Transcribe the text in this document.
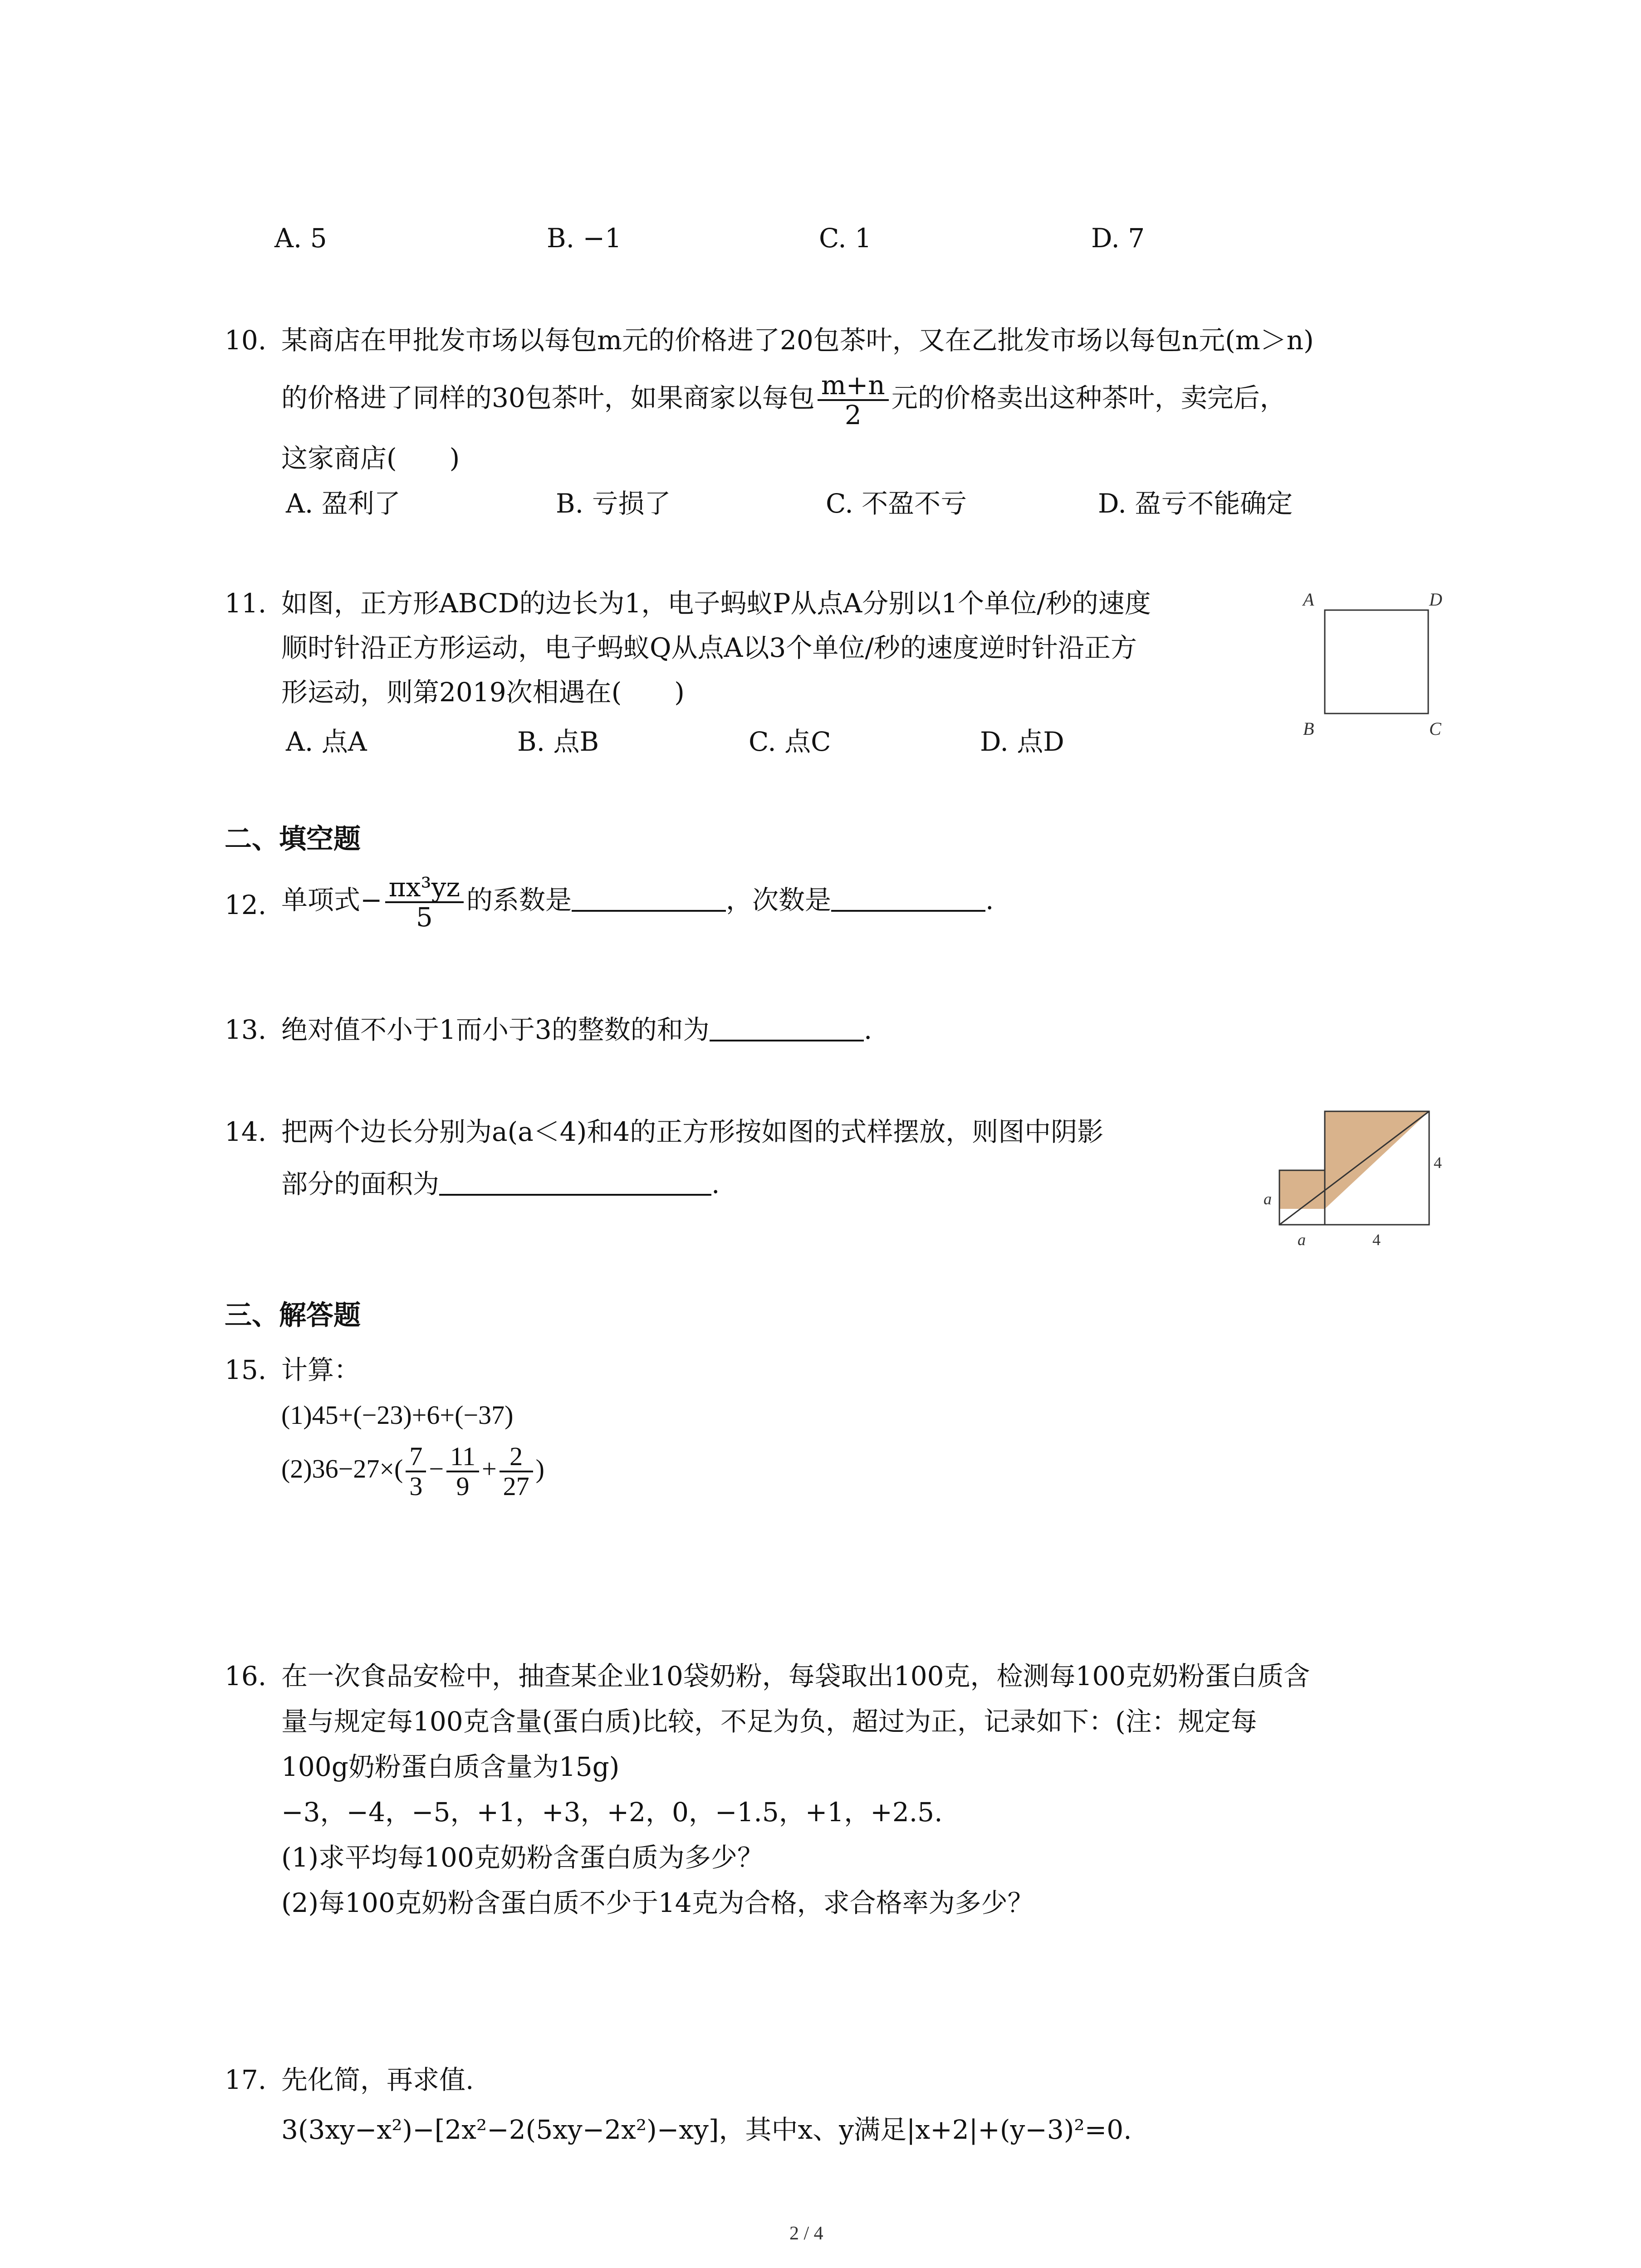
A. 5	B. −1	C. 1	D. 7
10. 某商店在甲批发市场以每包m元的价格进了20包茶叶，又在乙批发市场以每包n元(m＞n)
的价格进了同样的30包茶叶，如果商家以每包 $\frac{m+n}{2}$ 元的价格卖出这种茶叶，卖完后，
这家商店(　　)
A. 盈利了	B. 亏损了	C. 不盈不亏	D. 盈亏不能确定
11. 如图，正方形ABCD的边长为1，电子蚂蚁P从点A分别以1个单位/秒的速度
顺时针沿正方形运动，电子蚂蚁Q从点A以3个单位/秒的速度逆时针沿正方
形运动，则第2019次相遇在(　　)
A. 点A	B. 点B	C. 点C	D. 点D
A	D
B	C
二、填空题
12. 单项式− $\frac{\text{πx³yz}}{5}$ 的系数是	，次数是	.
13. 绝对值不小于1而小于3的整数的和为	.
14. 把两个边长分别为a(a＜4)和4的正方形按如图的式样摆放，则图中阴影
部分的面积为	.
4
a
a	4
三、解答题
15. 计算：
(1)45+(−23)+6+(−37)
$(2)36-27\times( \frac{7}{3} - \frac{11}{9} + \frac{2}{27}$ )
16. 在一次食品安检中，抽查某企业10袋奶粉，每袋取出100克，检测每100克奶粉蛋白质含
量与规定每100克含量(蛋白质)比较，不足为负，超过为正，记录如下：(注：规定每
100g奶粉蛋白质含量为15g)
−3，−4，−5，+1，+3，+2，0，−1.5，+1，+2.5.
(1)求平均每100克奶粉含蛋白质为多少？
(2)每100克奶粉含蛋白质不少于14克为合格，求合格率为多少？
17. 先化简，再求值.
3(3xy−x²)−[2x²−2(5xy−2x²)−xy]，其中x、y满足|x+2|+(y−3)²=0.
2 / 4
